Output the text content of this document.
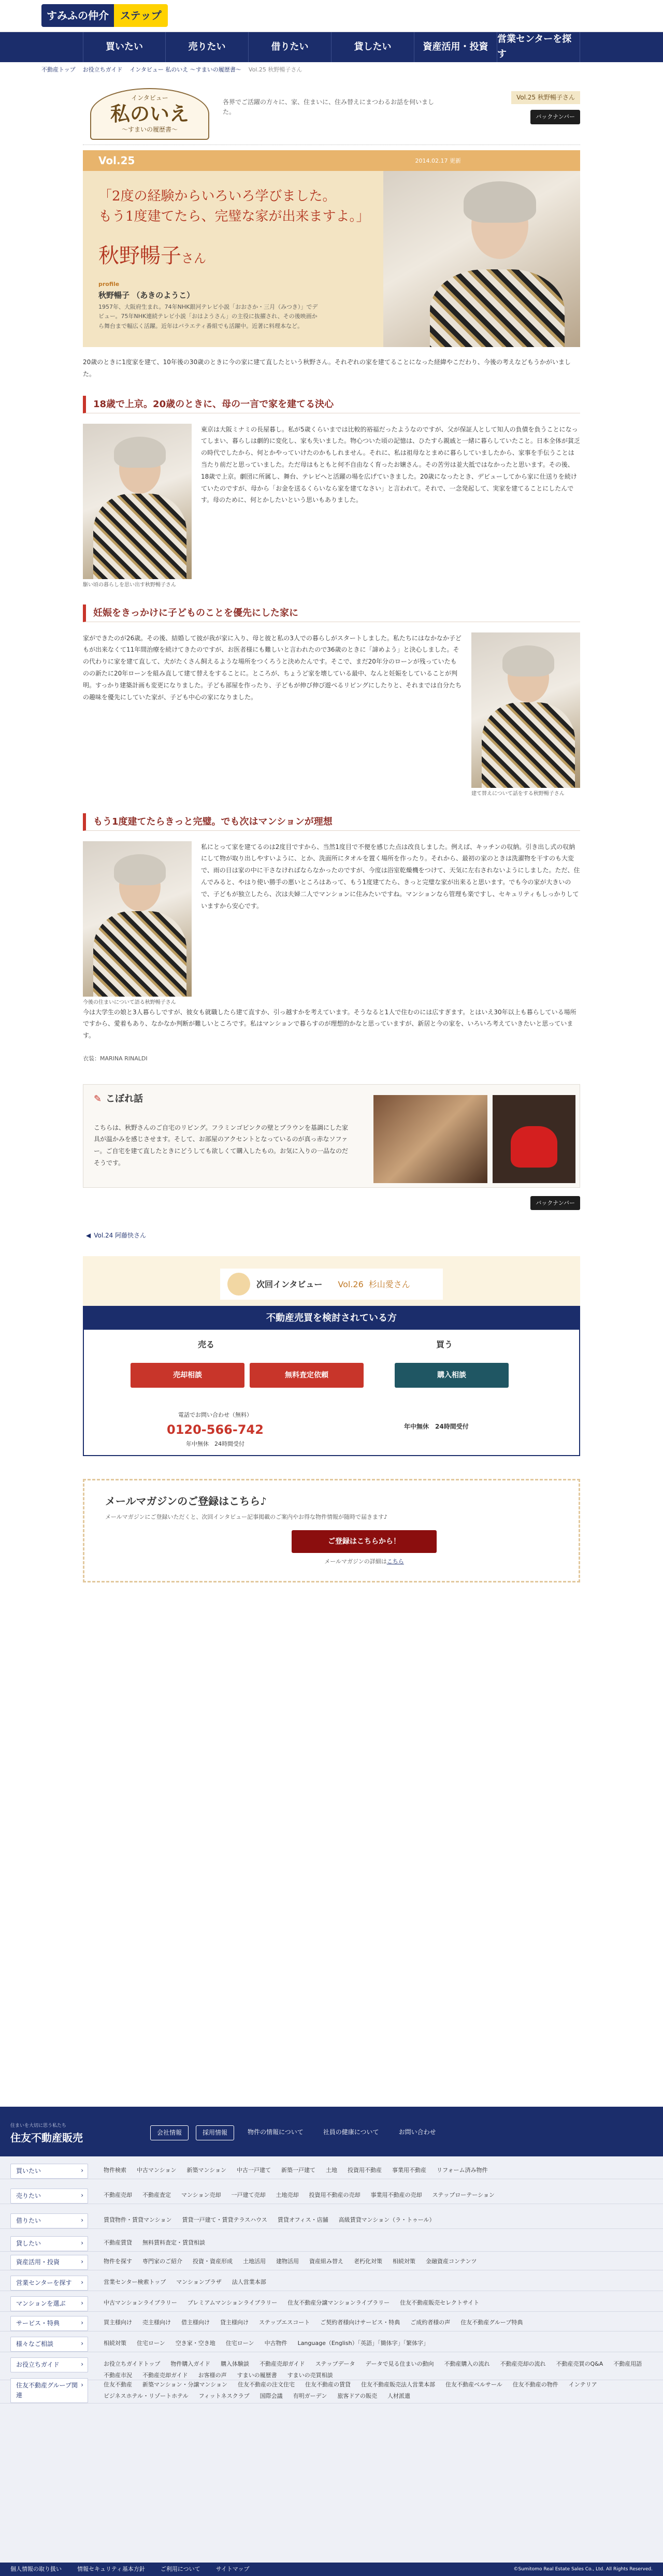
すみふの仲介	ステップ
買いたい	売りたい	借りたい	貸したい	資産活用・投資
営業センターを探す
不動産トップ お役立ちガイド インタビュー 私のいえ ～すまいの履歴書～ Vol.25 秋野暢子さん
インタビュー
私のいえ
～すまいの履歴書～
各界でご活躍の方々に、家、住まいに、住み替えにまつわるお話を伺いました。
Vol.25 秋野暢子さん
バックナンバー
Vol.25	2014.02.17 更新
「2度の経験からいろいろ学びました。
もう1度建てたら、完璧な家が出来ますよ。」
秋野暢子さん
profile
秋野暢子 （あきのようこ）
1957年、大阪府生まれ。74年NHK銀河テレビ小説「おおさか・三月（みつき）」でデビュー。75年NHK連続テレビ小説「おはようさん」の主役に抜擢され、その後映画から舞台まで幅広く活躍。近年はバラエティ番組でも活躍中。近著に料理本など。

20歳のときに1度家を建て、10年後の30歳のときに今の家に建て直したという秋野さん。それぞれの家を建てることになった経緯やこだわり、今後の考えなどもうかがいました。

18歳で上京。20歳のときに、母の一言で家を建てる決心
駆い頃の暮らしを思い出す秋野暢子さん

東京は大阪ミナミの長屋暮し。私が5歳くらいまでは比較的裕福だったようなのですが、父が保証人として知人の負債を負うことになってしまい、暮らしは劇的に変化し、家も失いました。物心ついた頃の記憶は、ひたすら親戚と一緒に暮らしていたこと。日本全体が貧乏の時代でしたから、何とかやっていけたのかもしれません。それに、私は祖母なとまめに暮らしていましたから、家事を手伝うことは当たり前だと思っていました。ただ母はもともと何不自由なく育ったお嬢さん。その苦労は並大抵ではなかったと思います。その後、18歳で上京。劇団に所属し、舞台、テレビへと活躍の場を広げていきました。20歳になったとき、デビューしてから家に仕送りを続けていたのですが、母から「お金を送るくらいなら家を建てなさい」と言われて。それで、一念発起して、実家を建てることにしたんです。母のために、何とかしたいという思いもありました。

妊娠をきっかけに子どものことを優先にした家に
建て替えについて話をする秋野暢子さん

家ができたのが26歳。その後、結婚して彼が我が家に入り、母と彼と私の3人での暮らしがスタートしました。私たちにはなかなか子どもが出来なくて11年間治療を続けてきたのですが、お医者様にも難しいと言われたので36歳のときに「諦めよう」と決心しました。その代わりに家を建て直して、犬がたくさん飼えるような場所をつくろうと決めたんです。そこで、まだ20年分のローンが残っていたものの新たに20年ローンを組み直して建て替えをすることに。ところが、ちょうど家を壊している最中、なんと妊娠をしていることが判明。すっかり建築計画も変更になりました。子ども部屋を作ったり、子どもが伸び伸び遊べるリビングにしたりと、それまでは自分たちの趣味を優先にしていた家が、子ども中心の家になりました。

もう1度建てたらきっと完璧。でも次はマンションが理想
今後の住まいについて語る秋野暢子さん

私にとって家を建てるのは2度目ですから、当然1度目で不便を感じた点は改良しました。例えば、キッチンの収納。引き出し式の収納にして物が取り出しやすいように、とか、洗面所にタオルを置く場所を作ったり。それから、最初の家のときは洗濯物を干すのも大変で、雨の日は家の中に干さなければならなかったのですが、今度は浴室乾燥機をつけて、天気に左右されないようにしました。ただ、住んでみると、やはり使い勝手の悪いところはあって、もう1度建てたら、きっと完璧な家が出来ると思います。でも今の家が大きいので、子どもが独立したら、次は夫婦二人でマンションに住みたいですね。マンションなら管理も楽ですし、セキュリティもしっかりしていますから安心です。

今は大学生の娘と3人暮らしですが、彼女も就職したら建て直すか、引っ越すかを考えています。そうなると1人で住むのには広すぎます。とはいえ30年以上も暮らしている場所ですから、愛着もあり、なかなか判断が難しいところです。私はマンションで暮らすのが理想的かなと思っていますが、新居と今の家を、いろいろ考えていきたいと思っています。

衣装：MARINA RINALDI
✎ こぼれ話
こちらは、秋野さんのご自宅のリビング。フラミンゴピンクの壁とブラウンを基調にした家具が温かみを感じさせます。そして、お部屋のアクセントとなっているのが真っ赤なソファー。ご自宅を建て直したときにどうしても欲しくて購入したもの。お気に入りの一品なのだそうです。
バックナンバー
◀ Vol.24 阿藤快さん
次回インタビュー Vol.26 杉山愛さん
不動産売買を検討されている方
売る	買う
売却相談	無料査定依頼	購入相談
電話でお問い合わせ（無料）
0120-566-742
年中無休　24時間受付
年中無休　24時間受付
メールマガジンのご登録はこちら♪
メールマガジンにご登録いただくと、次回インタビュー記事掲載のご案内やお得な物件情報が随時で届きます♪
ご登録はこちらから！
メールマガジンの詳細はこちら
住まいを大切に思う私たち
住友不動産販売	会社情報	採用情報	物件の情報について	社員の健康について	お問い合わせ
買いたい ›	物件検索 中古マンション 新築マンション 中古一戸建て 新築一戸建て 土地 投資用不動産 事業用不動産 リフォーム済み物件
売りたい ›	不動産売却 不動産査定 マンション売却 一戸建て売却 土地売却 投資用不動産の売却 事業用不動産の売却 ステップローテーション
借りたい ›	賃貸物件・賃貸マンション 賃貸一戸建て・賃貸テラスハウス 賃貸オフィス・店舗 高級賃貸マンション（ラ・トゥール）
貸したい ›	不動産賃貸 無料賃料査定・賃貸相談
資産活用・投資 ›	物件を探す 専門家のご紹介 投資・資産形成 土地活用 建物活用 資産組み替え 老朽化対策 相続対策 金融資産コンテンツ
営業センターを探す ›	営業センター検索トップ マンションプラザ 法人営業本部
マンションを選ぶ ›	中古マンションライブラリー プレミアムマンションライブラリー 住友不動産分譲マンションライブラリー 住友不動産販売セレクトサイト
サービス・特典 ›	買主様向け 売主様向け 借主様向け 貸主様向け ステップエスコート ご契約者様向けサービス・特典 ご成約者様の声 住友不動産グループ特典
様々なご相談 ›	相続対策 住宅ローン 空き家・空き地 住宅ローン 中古物件 Language（English）「英語」「簡体字」「繁体字」
お役立ちガイド ›	お役立ちガイドトップ 物件購入ガイド 購入体験談 不動産売却ガイド ステップデータ データで見る住まいの動向 不動産購入の流れ 不動産売却の流れ 不動産売買のQ&A 不動産用語
不動産市況 不動産売却ガイド お客様の声 すまいの履歴書 すまいの売買相談
住友不動産グループ関連 ›
住友不動産 新築マンション・分譲マンション 住友不動産の注文住宅 住友不動産の賃貸 住友不動産販売法人営業本部 住友不動産ベルサール 住友不動産の物件 インテリア
ビジネスホテル・リゾートホテル フィットネスクラブ 国際会議 有明ガーデン 旅客ドアの販売 人材派遣
個人情報の取り扱い	情報セキュリティ基本方針	ご利用について	サイトマップ	©Sumitomo Real Estate Sales Co., Ltd. All Rights Reserved.
